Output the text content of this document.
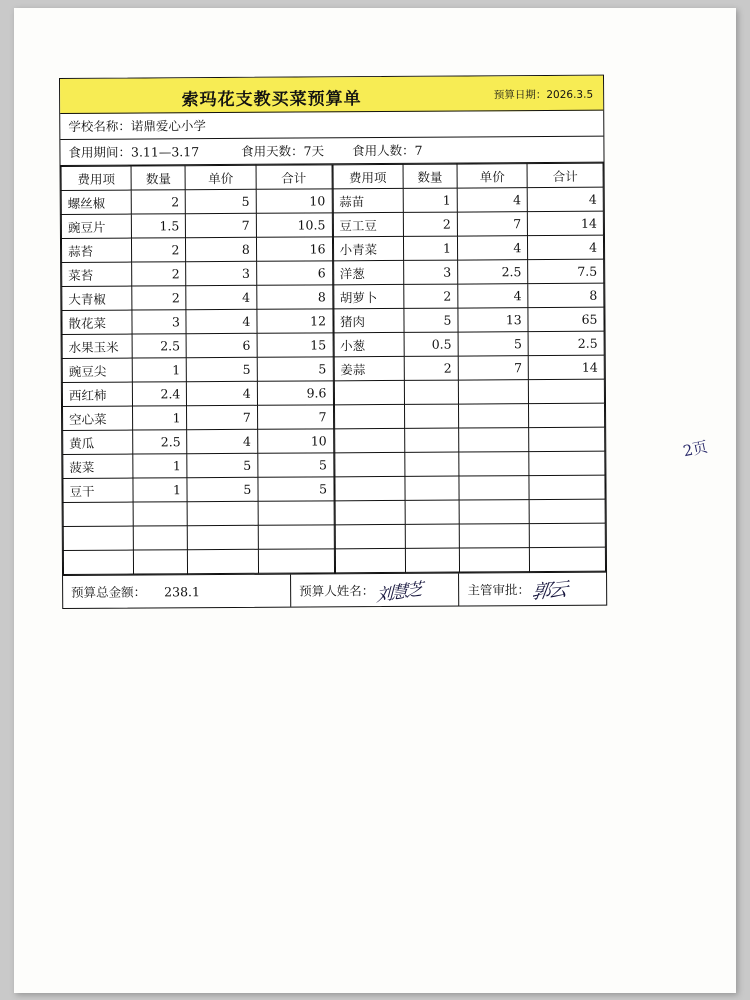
索玛花支教买菜预算单	预算日期：2026.3.5
学校名称：诺鼎爱心小学
食用期间：3.11—3.17	食用天数：7天 食用人数：7
费用项	数量	单价	合计
螺丝椒	2	5	10
豌豆片	1.5	7	10.5
蒜苔	2	8	16
菜苔	2	3	6
大青椒	2	4	8
散花菜	3	4	12
水果玉米	2.5	6	15
豌豆尖	1	5	5
西红柿	2.4	4	9.6
空心菜	1	7	7
黄瓜	2.5	4	10
菠菜	1	5	5
豆干	1	5	5

费用项	数量	单价	合计
蒜苗	1	4	4
豆工豆	2	7	14
小青菜	1	4	4
洋葱	3	2.5	7.5
胡萝卜	2	4	8
猪肉	5	13	65
小葱	0.5	5	2.5
姜蒜	2	7	14

预算总金额： 238.1	预算人姓名： 刘慧芝	主管审批： 郭云
2页
